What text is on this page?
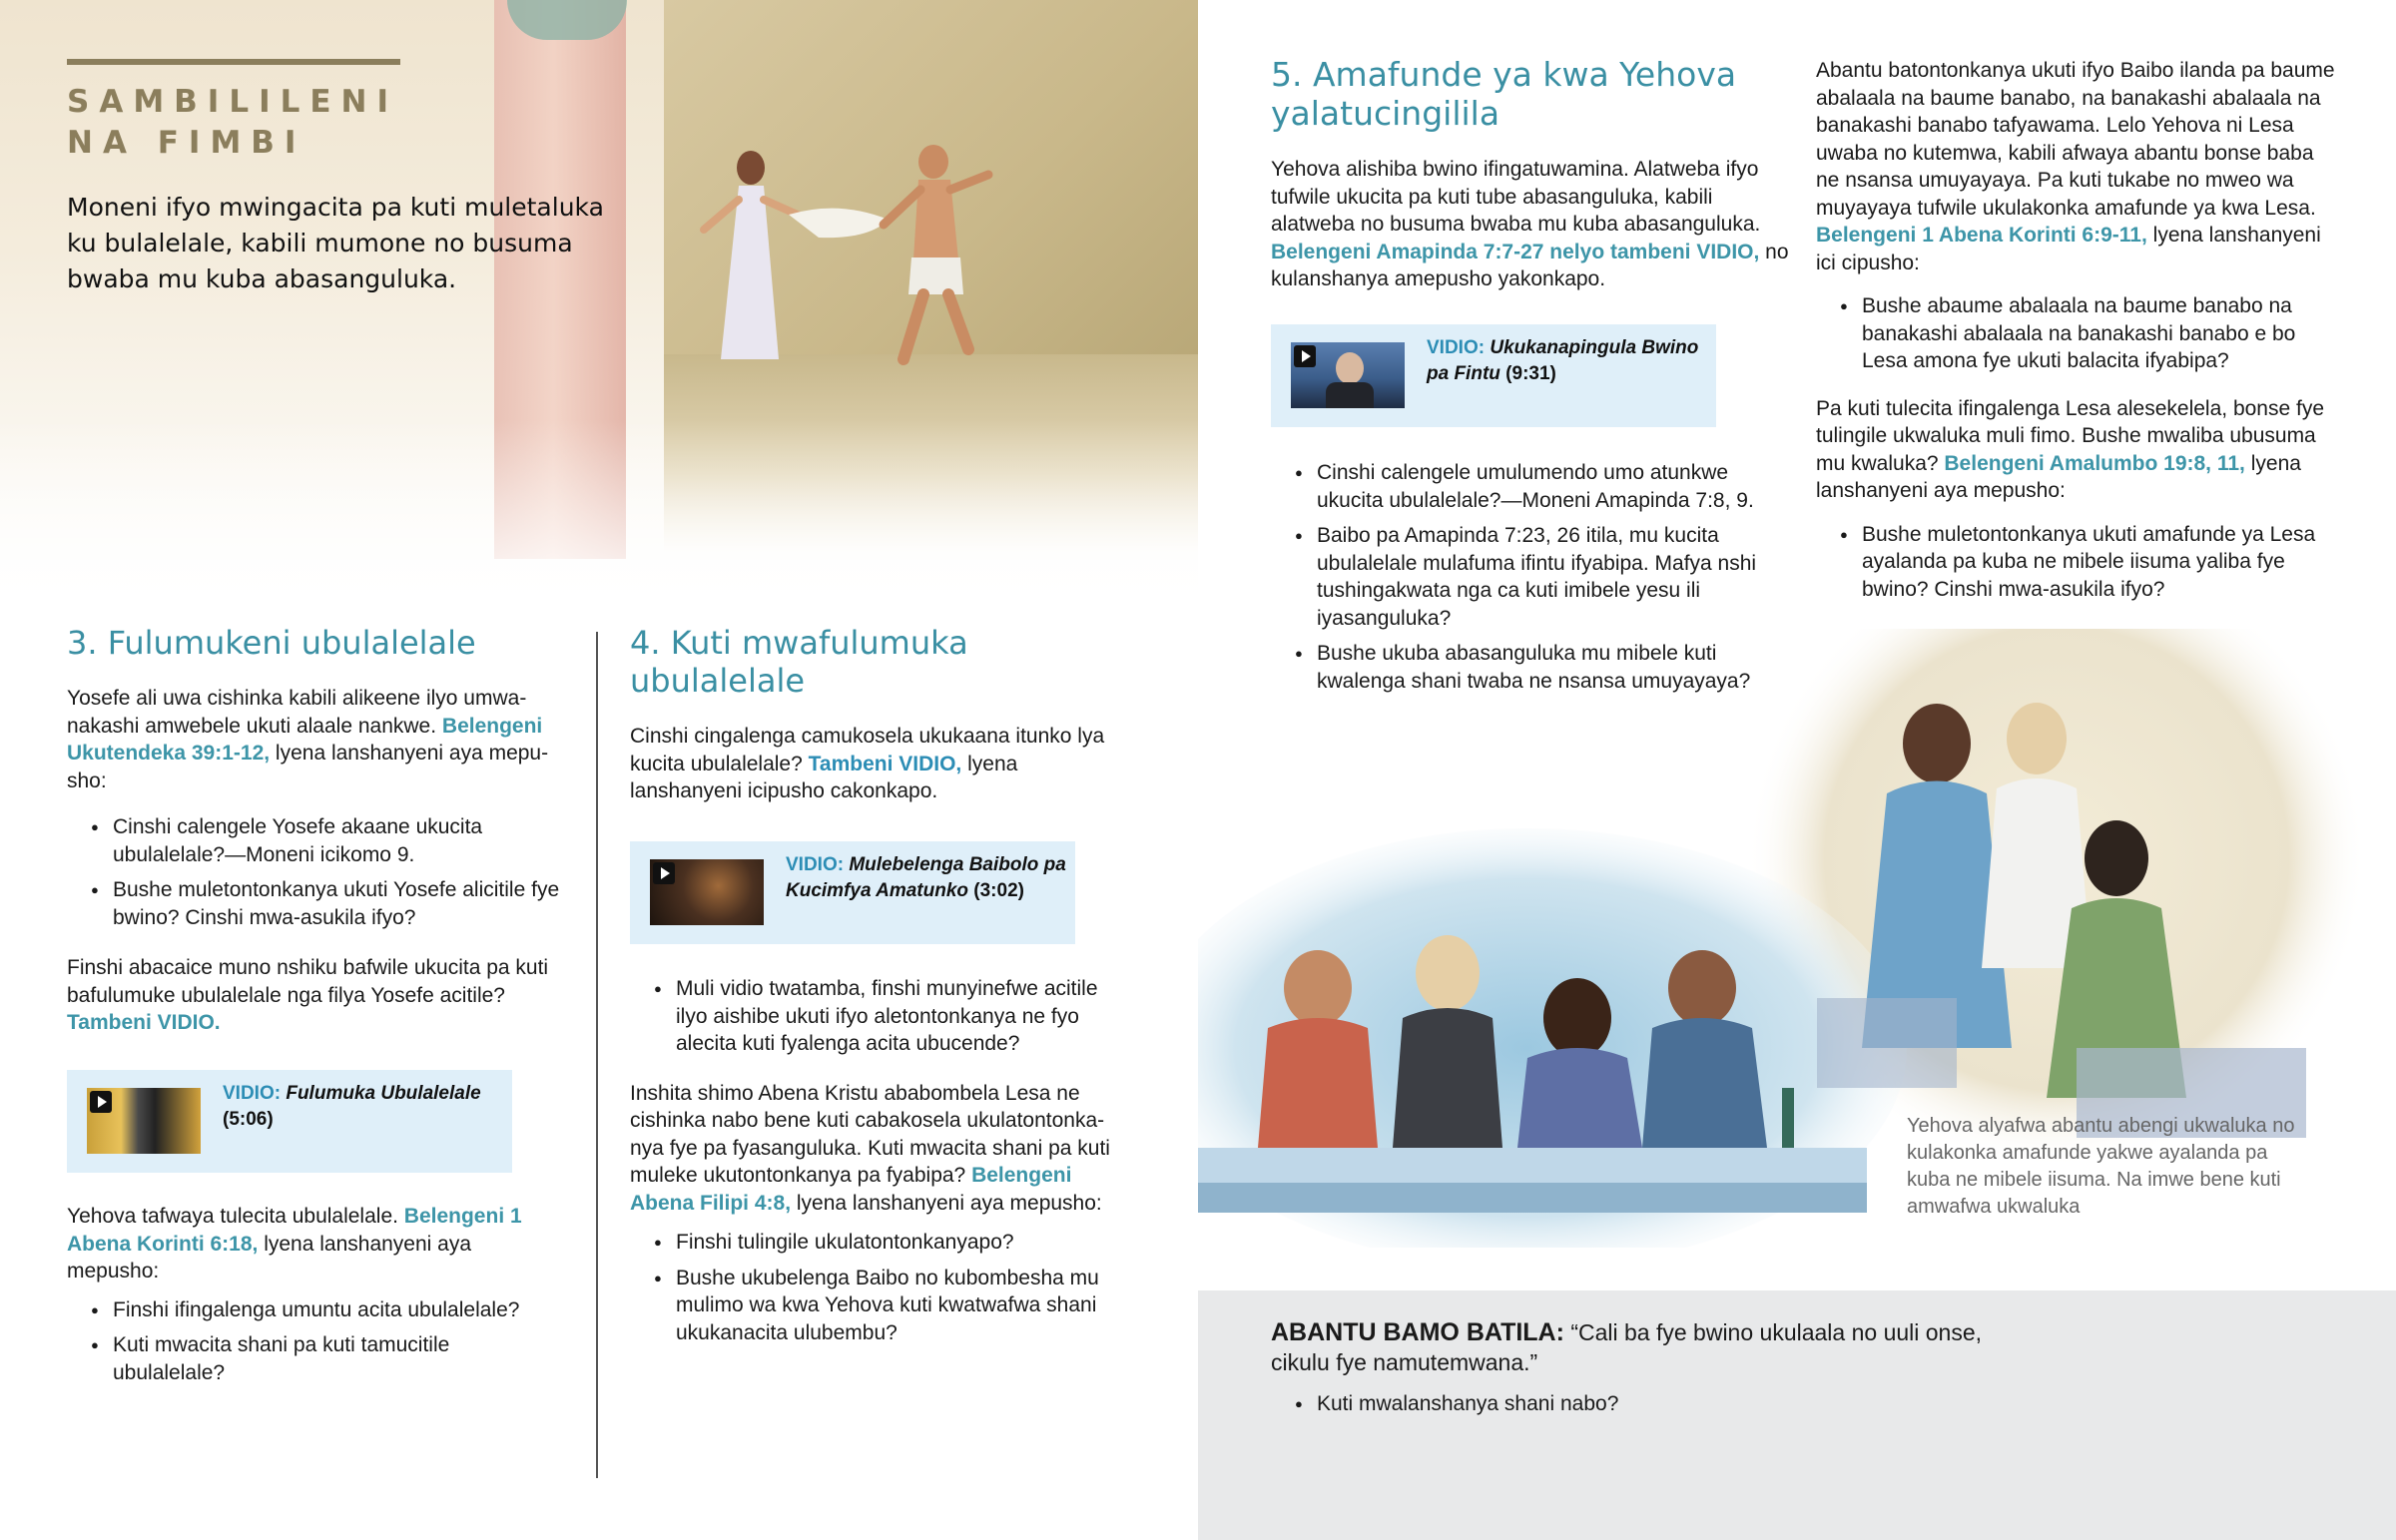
SAMBILILENI
NA FIMBI
Moneni ifyo mwingacita pa kuti muletaluka ku bulalelale, kabili mumone no busuma bwaba mu kuba abasanguluka.
3. Fulumukeni ubulalelale

Yosefe ali uwa cishinka kabili alikeene ilyo umwanakashi amwebele ukuti alaale nankwe. Belengeni Ukutendeka 39:1-12, lyena lanshanyeni aya mepusho:

● Cinshi calengele Yosefe akaane ukucita ubulalelale?—Moneni icikomo 9.
● Bushe muletontonkanya ukuti Yosefe alicitile fye bwino? Cinshi mwa-asukila ifyo?

Finshi abacaice muno nshiku bafwile ukucita pa kuti bafulumuke ubulalelale nga filya Yosefe acitile? Tambeni VIDIO.

VIDIO: Fulumuka Ubulalelale
(5:06)

Yehova tafwaya tulecita ubulalelale. Belengeni 1 Abena Korinti 6:18, lyena lanshanyeni aya mepusho:

● Finshi ifingalenga umuntu acita ubulalelale?
● Kuti mwacita shani pa kuti tamucitile ubulalelale?
4. Kuti mwafulumuka
ubulalelale

Cinshi cingalenga camukosela ukukaana itunko lya kucita ubulalelale? Tambeni VIDIO, lyena lanshanyeni icipusho cakonkapo.

VIDIO: Mulebelenga Baibolo pa Kucimfya Amatunko (3:02)
● Muli vidio twatamba, finshi munyinefwe acitile ilyo aishibe ukuti ifyo aletontonkanya ne fyo alecita kuti fyalenga acita ubucende?

Inshita shimo Abena Kristu ababombela Lesa ne cishinka nabo bene kuti cabakosela ukulatontonkanya fye pa fyasanguluka. Kuti mwacita shani pa kuti muleke ukutontonkanya pa fyabipa? Belengeni Abena Filipi 4:8, lyena lanshanyeni aya mepusho:

● Finshi tulingile ukulatontonkanyapo?
● Bushe ukubelenga Baibo no kubombesha mu mulimo wa kwa Yehova kuti kwatwafwa shani ukukanacita ulubembu?
5. Amafunde ya kwa Yehova
yalatucingilila

Yehova alishiba bwino ifingatuwamina. Alatweba ifyo tufwile ukucita pa kuti tube abasanguluka, kabili alatweba no busuma bwaba mu kuba abasanguluka. Belengeni Amapinda 7:7-27 nelyo tambeni VIDIO, no kulanshanya amepusho yakonkapo.

VIDIO: Ukukanapingula Bwino pa Fintu (9:31)
● Cinshi calengele umulumendo umo atunkwe ukucita ubulalelale?—Moneni Amapinda 7:8, 9.
● Baibo pa Amapinda 7:23, 26 itila, mu kucita ubulalelale mulafuma ifintu ifyabipa. Mafya nshi tushingakwata nga ca kuti imibele yesu ili iyasanguluka?
● Bushe ukuba abasanguluka mu mibele kuti kwalenga shani twaba ne nsansa umuyayaya?

Abantu batontonkanya ukuti ifyo Baibo ilanda pa baume abalaala na baume banabo, na banakashi abalaala na banakashi banabo tafyawama. Lelo Yehova ni Lesa uwaba no kutemwa, kabili afwaya abantu bonse baba ne nsansa umuyayaya. Pa kuti tukabe no mweo wa muyayaya tufwile ukulakonka amafunde ya kwa Lesa. Belengeni 1 Abena Korinti 6:9-11, lyena lanshanyeni ici cipusho:

● Bushe abaume abalaala na baume banabo na banakashi abalaala na banakashi banabo e bo Lesa amona fye ukuti balacita ifyabipa?

Pa kuti tulecita ifingalenga Lesa alesekelela, bonse fye tulingile ukwaluka muli fimo. Bushe mwaliba ubusuma mu kwaluka? Belengeni Amalumbo 19:8, 11, lyena lanshanyeni aya mepusho:

● Bushe muletontonkanya ukuti amafunde ya Lesa ayalanda pa kuba ne mibele iisuma yaliba fye bwino? Cinshi mwa-asukila ifyo?
Yehova alyafwa abantu abengi ukwaluka no kulakonka amafunde yakwe ayalanda pa kuba ne mibele iisuma. Na imwe bene kuti amwafwa ukwaluka

ABANTU BAMO BATILA: “Cali ba fye bwino ukulaala no uuli onse, cikulu fye namutemwana.”

● Kuti mwalanshanya shani nabo?
